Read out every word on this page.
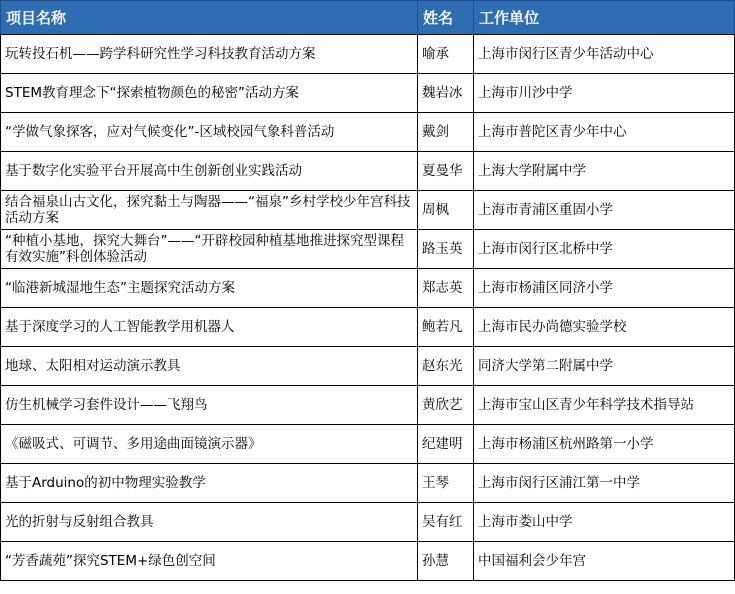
项目名称	姓名	工作单位
玩转投石机——跨学科研究性学习科技教育活动方案	喻承	上海市闵行区青少年活动中心
STEM教育理念下“探索植物颜色的秘密”活动方案	魏岩冰	上海市川沙中学
“学做气象探客，应对气候变化”-区域校园气象科普活动	戴剑	上海市普陀区青少年中心
基于数字化实验平台开展高中生创新创业实践活动	夏曼华	上海大学附属中学
结合福泉山古文化，探究黏土与陶器——“福泉”乡村学校少年宫科技活动方案	周枫	上海市青浦区重固小学
“种植小基地，探究大舞台”——“开辟校园种植基地推进探究型课程有效实施”科创体验活动	路玉英	上海市闵行区北桥中学
“临港新城湿地生态”主题探究活动方案	郑志英	上海市杨浦区同济小学
基于深度学习的人工智能教学用机器人	鲍若凡	上海市民办尚德实验学校
地球、太阳相对运动演示教具	赵东光	同济大学第二附属中学
仿生机械学习套件设计——飞翔鸟	黄欣艺	上海市宝山区青少年科学技术指导站
《磁吸式、可调节、多用途曲面镜演示器》	纪建明	上海市杨浦区杭州路第一小学
基于Arduino的初中物理实验教学	王琴	上海市闵行区浦江第一中学
光的折射与反射组合教具	吴有红	上海市娄山中学
“芳香蔬苑”探究STEM+绿色创空间	孙慧	中国福利会少年宫
